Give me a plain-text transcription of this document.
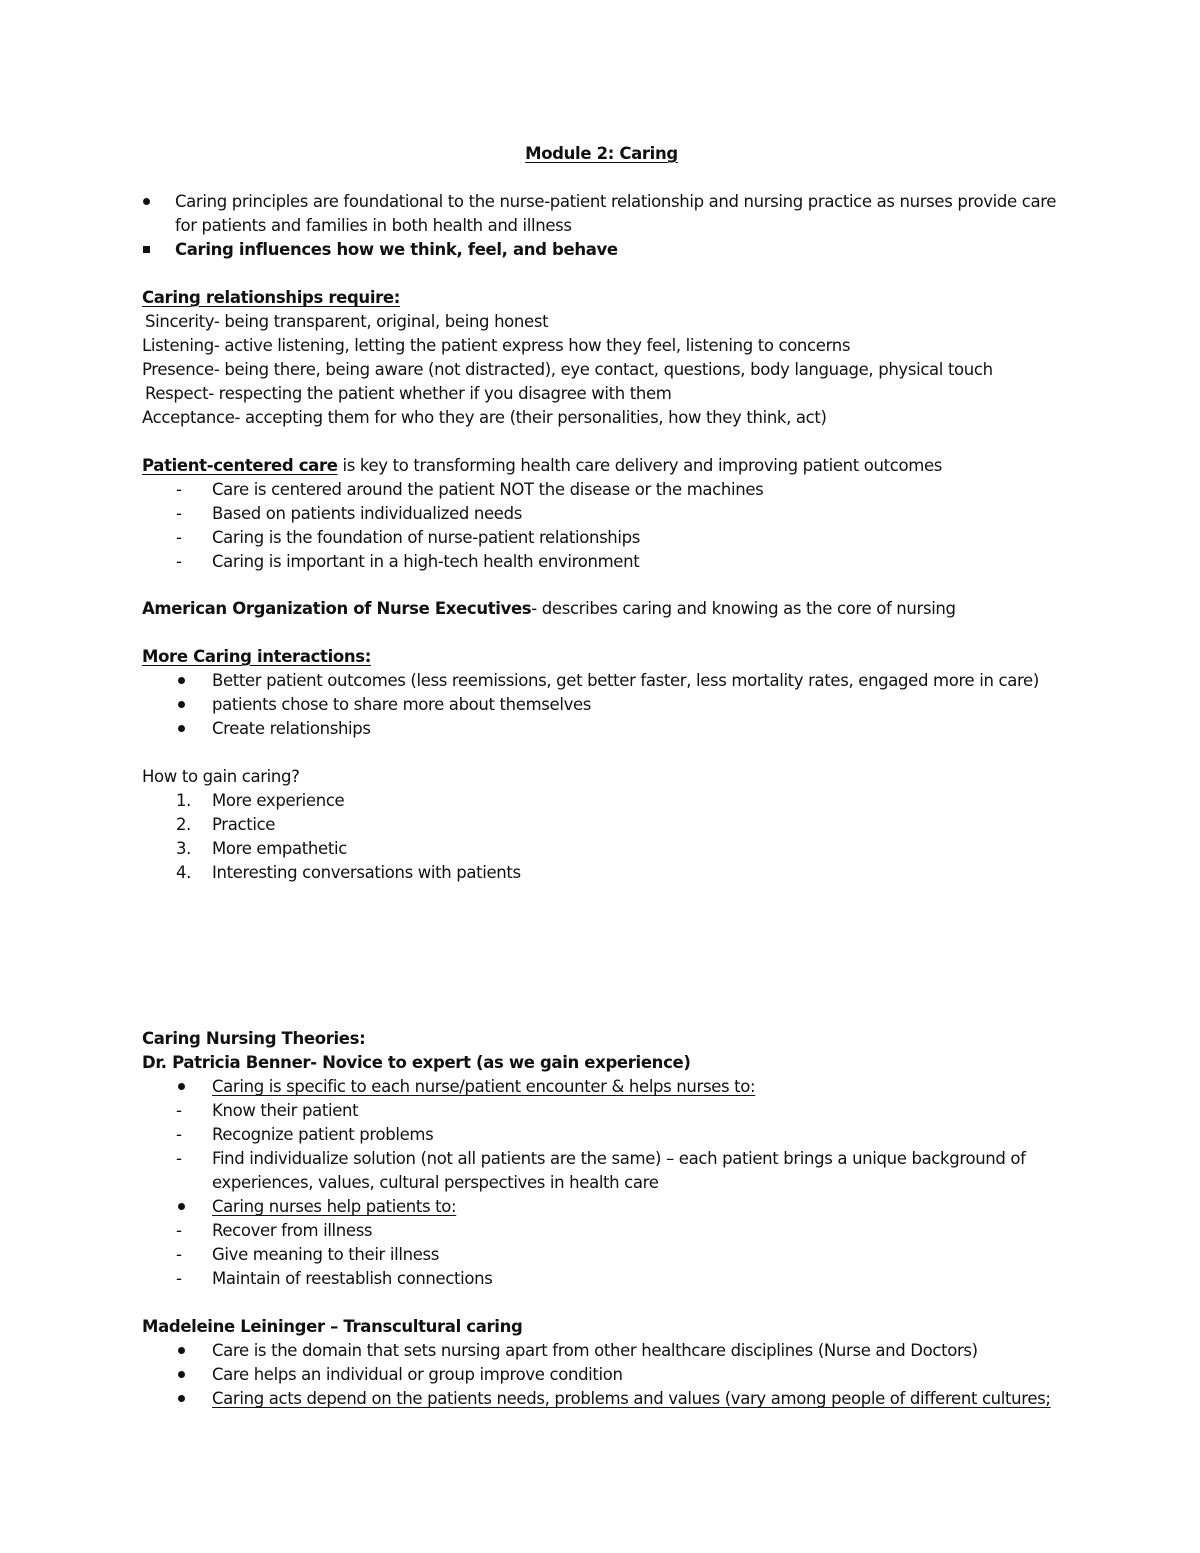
Module 2: Caring
Caring principles are foundational to the nurse-patient relationship and nursing practice as nurses provide care
for patients and families in both health and illness
Caring influences how we think, feel, and behave
Caring relationships require:
Sincerity- being transparent, original, being honest
Listening- active listening, letting the patient express how they feel, listening to concerns
Presence- being there, being aware (not distracted), eye contact, questions, body language, physical touch
Respect- respecting the patient whether if you disagree with them
Acceptance- accepting them for who they are (their personalities, how they think, act)
Patient-centered care is key to transforming health care delivery and improving patient outcomes
- Care is centered around the patient NOT the disease or the machines
- Based on patients individualized needs
- Caring is the foundation of nurse-patient relationships
- Caring is important in a high-tech health environment
American Organization of Nurse Executives- describes caring and knowing as the core of nursing
More Caring interactions:
Better patient outcomes (less reemissions, get better faster, less mortality rates, engaged more in care)
patients chose to share more about themselves
Create relationships
How to gain caring?
1. More experience
2. Practice
3. More empathetic
4. Interesting conversations with patients
Caring Nursing Theories:
Dr. Patricia Benner- Novice to expert (as we gain experience)
Caring is specific to each nurse/patient encounter & helps nurses to:
- Know their patient
- Recognize patient problems
- Find individualize solution (not all patients are the same) – each patient brings a unique background of
experiences, values, cultural perspectives in health care
Caring nurses help patients to:
- Recover from illness
- Give meaning to their illness
- Maintain of reestablish connections
Madeleine Leininger – Transcultural caring
Care is the domain that sets nursing apart from other healthcare disciplines (Nurse and Doctors)
Care helps an individual or group improve condition
Caring acts depend on the patients needs, problems and values (vary among people of different cultures;
